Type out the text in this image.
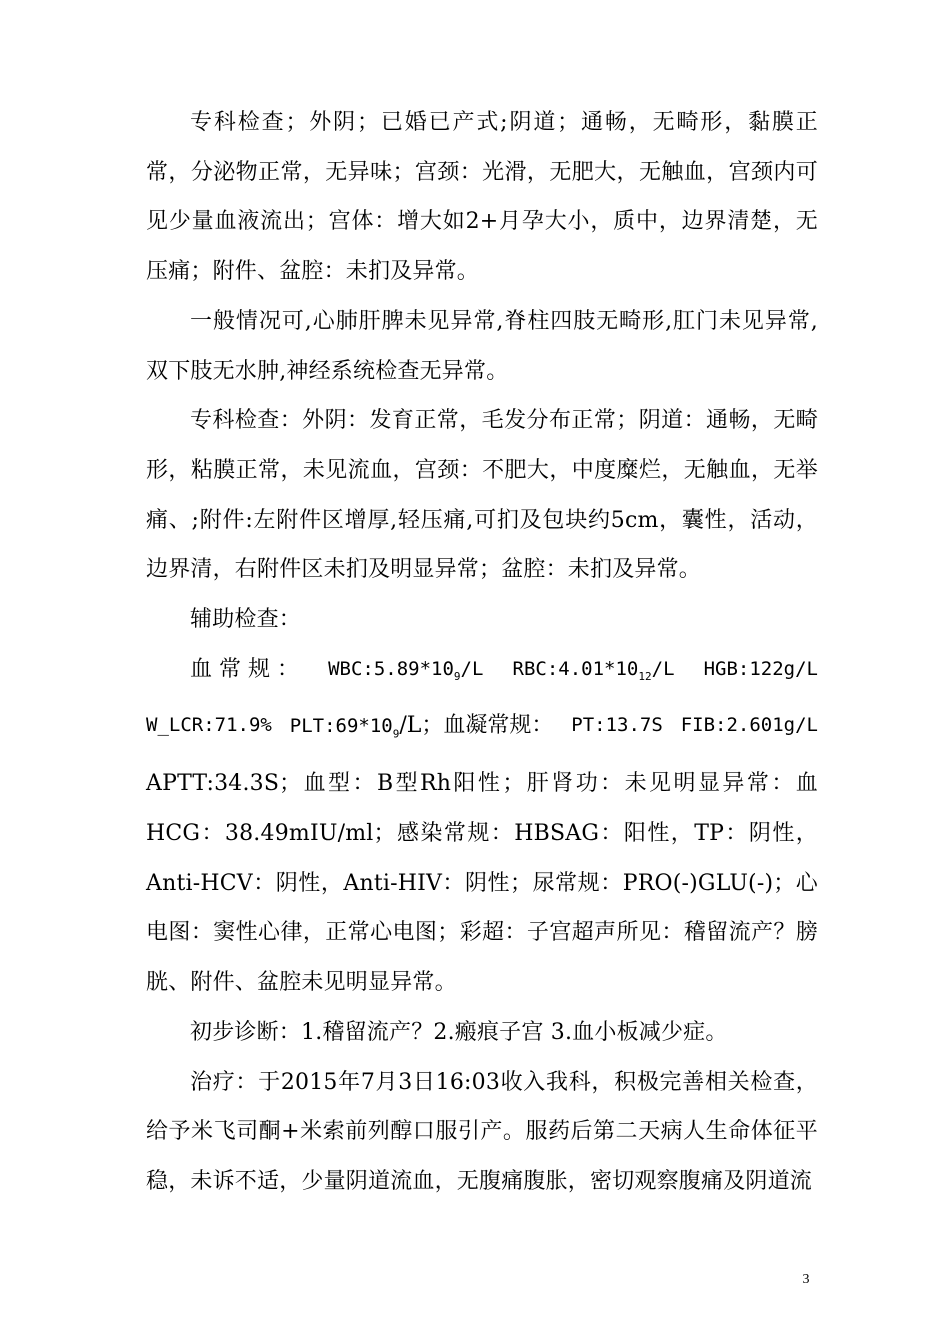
专科检查；外阴；已婚已产式;阴道；通畅，无畸形，黏膜正常，分泌物正常，无异味；宫颈：光滑，无肥大，无触血，宫颈内可见少量血液流出；宫体：增大如2+月孕大小，质中，边界清楚，无压痛；附件、盆腔：未扪及异常。

一般情况可,心肺肝脾未见异常,脊柱四肢无畸形,肛门未见异常,双下肢无水肿,神经系统检查无异常。

专科检查：外阴：发育正常，毛发分布正常；阴道：通畅，无畸形，粘膜正常，未见流血，宫颈：不肥大，中度糜烂，无触血，无举痛、;附件:左附件区增厚,轻压痛,可扪及包块约5cm，囊性，活动，边界清，右附件区未扪及明显异常；盆腔：未扪及异常。

辅助检查：

血 常 规 ： $WBC:5.89*10_9/L$ $RBC:4.01*10_{12}/L$ HGB:122g/L
W_LCR:71.9% $PLT:69*10_9/L$；血凝常规： PT:13.7S FIB:2.601g/L

APTT:34.3S；血型：B型Rh阳性；肝肾功：未见明显异常：血HCG：38.49mIU/ml；感染常规：HBSAG：阳性，TP：阴性，Anti-HCV：阴性，Anti-HIV：阴性；尿常规：PRO(-)GLU(-)；心电图：窦性心律，正常心电图；彩超：子宫超声所见：稽留流产？膀胱、附件、盆腔未见明显异常。

初步诊断：1.稽留流产？2.瘢痕子宫 3.血小板减少症。

治疗：于2015年7月3日16:03收入我科，积极完善相关检查，给予米飞司酮+米索前列醇口服引产。服药后第二天病人生命体征平稳，未诉不适，少量阴道流血，无腹痛腹胀，密切观察腹痛及阴道流

3
